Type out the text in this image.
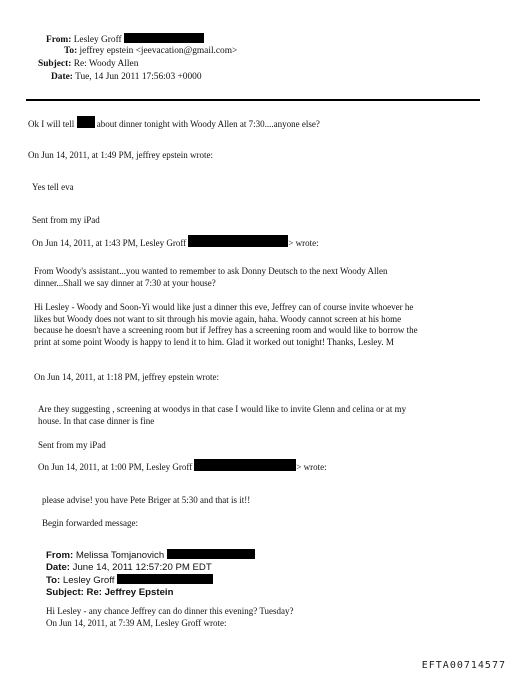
From: Lesley Groff
To: jeffrey epstein <jeevacation@gmail.com>
Subject: Re: Woody Allen
Date: Tue, 14 Jun 2011 17:56:03 +0000
Ok I will tell	about dinner tonight with Woody Allen at 7:30....anyone else?
On Jun 14, 2011, at 1:49 PM, jeffrey epstein wrote:
Yes tell eva
Sent from my iPad
On Jun 14, 2011, at 1:43 PM, Lesley Groff	> wrote:
From Woody's assistant...you wanted to remember to ask Donny Deutsch to the next Woody Allen
dinner...Shall we say dinner at 7:30 at your house?
Hi Lesley - Woody and Soon-Yi would like just a dinner this eve, Jeffrey can of course invite whoever he
likes but Woody does not want to sit through his movie again, haha. Woody cannot screen at his home
because he doesn't have a screening room but if Jeffrey has a screening room and would like to borrow the
print at some point Woody is happy to lend it to him. Glad it worked out tonight! Thanks, Lesley. M
On Jun 14, 2011, at 1:18 PM, jeffrey epstein wrote:
Are they suggesting , screening at woodys in that case I would like to invite Glenn and celina or at my
house. In that case dinner is fine
Sent from my iPad
On Jun 14, 2011, at 1:00 PM, Lesley Groff	> wrote:
please advise! you have Pete Briger at 5:30 and that is it!!
Begin forwarded message:
From: Melissa Tomjanovich
Date: June 14, 2011 12:57:20 PM EDT
To: Lesley Groff
Subject: Re: Jeffrey Epstein
Hi Lesley - any chance Jeffrey can do dinner this evening? Tuesday?
On Jun 14, 2011, at 7:39 AM, Lesley Groff wrote:
EFTA00714577
